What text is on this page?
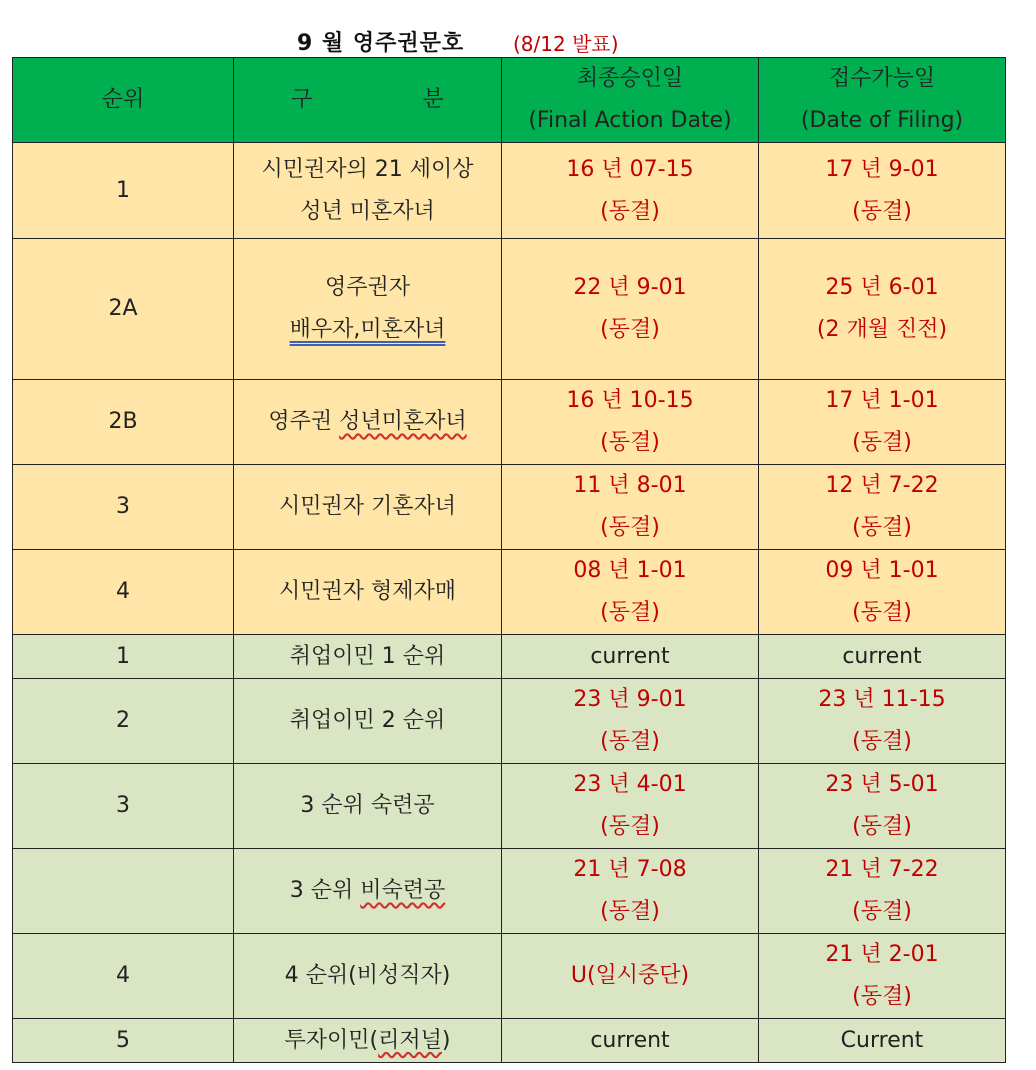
9 월 영주권문호 (8/12 발표)
순위	구 분	최종승인일
(Final Action Date)	접수가능일
(Date of Filing)

1	시민권자의 21 세이상
성년 미혼자녀	16 년 07-15
(동결)	17 년 9-01
(동결)

2A	영주권자
배우자,미혼자녀	22 년 9-01
(동결)	25 년 6-01
(2 개월 진전)

2B	영주권 성년미혼자녀	16 년 10-15
(동결)	17 년 1-01
(동결)

3	시민권자 기혼자녀	11 년 8-01
(동결)	12 년 7-22
(동결)

4	시민권자 형제자매	08 년 1-01
(동결)	09 년 1-01
(동결)

1	취업이민 1 순위	current	current
2	취업이민 2 순위	23 년 9-01
(동결)	23 년 11-15
(동결)

3	3 순위 숙련공	23 년 4-01
(동결)	23 년 5-01
(동결)

	3 순위 비숙련공	21 년 7-08
(동결)	21 년 7-22
(동결)

4	4 순위(비성직자)	U(일시중단)	21 년 2-01
(동결)

5	투자이민(리저널)	current	Current
